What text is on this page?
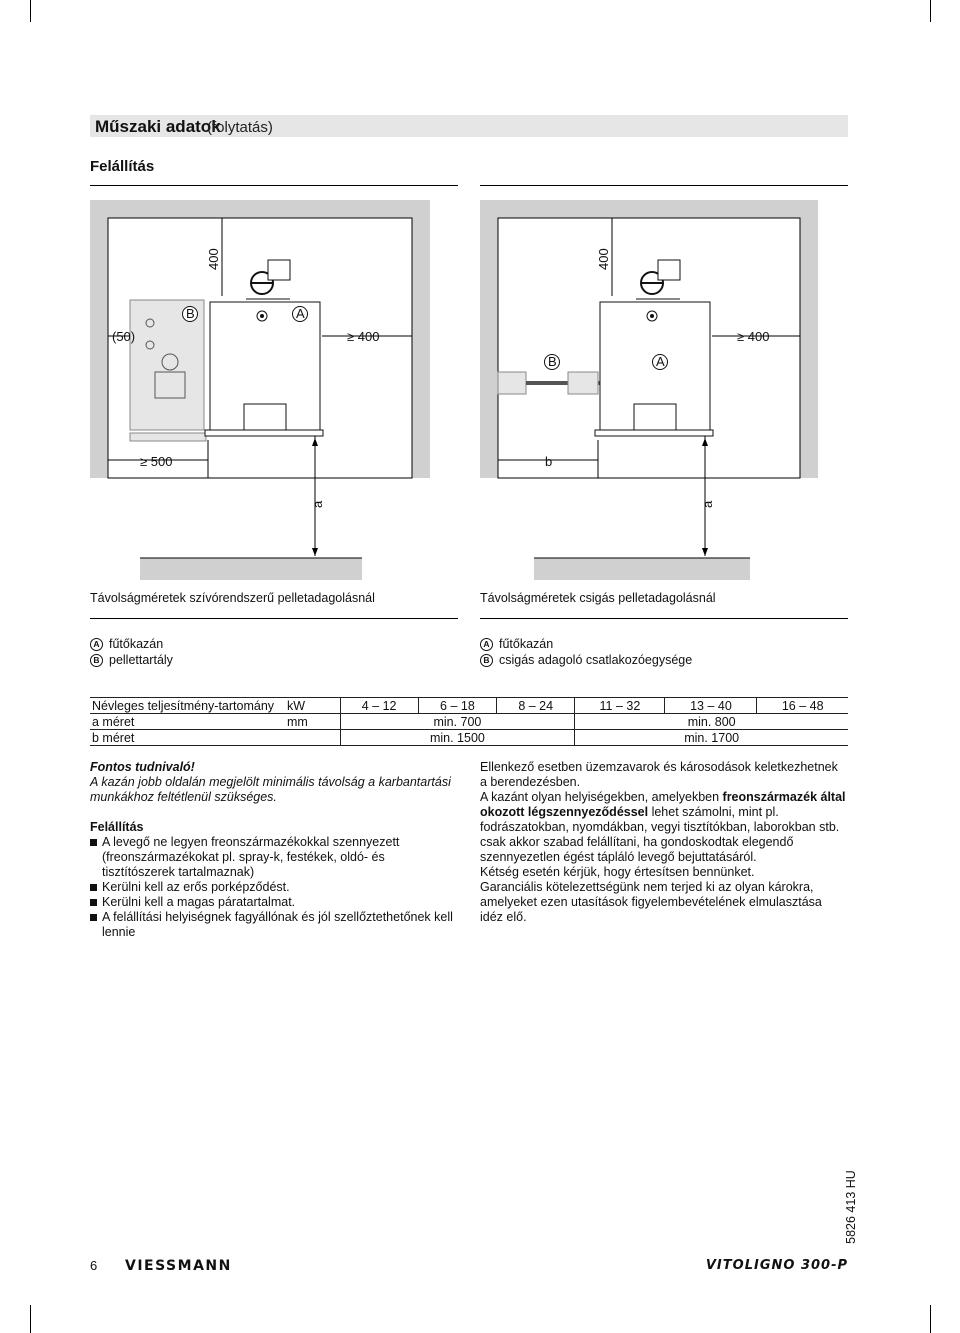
Műszaki adatok
(folytatás)
Felállítás
400
(50)	≥ 400
≥ 500
a
B	A
400
≥ 400
b
a
B	A
Távolságméretek szívórendszerű pelletadagolásnál	Távolságméretek csigás pelletadagolásnál
A fűtőkazán
B pellettartály
A fűtőkazán
B csigás adagoló csatlakozóegysége
Névleges teljesítmény-tartomány	kW	4 – 12	6 – 18	8 – 24	11 – 32	13 – 40	16 – 48
a méret	mm	min. 700			min. 800		
b méret		min. 1500			min. 1700		
Fontos tudnivaló!
A kazán jobb oldalán megjelölt minimális távolság a karbantartási munkákhoz feltétlenül szükséges.
Felállítás
A levegő ne legyen freonszármazékokkal szennyezett (freonszármazékokat pl. spray-k, festékek, oldó- és tisztítószerek tartalmaznak)
Kerülni kell az erős porképződést.
Kerülni kell a magas páratartalmat.
A felállítási helyiségnek fagyállónak és jól szellőztethetőnek kell lennie
Ellenkező esetben üzemzavarok és károsodások keletkezhetnek a berendezésben.
A kazánt olyan helyiségekben, amelyekben freonszármazék által okozott légszennyeződéssel lehet számolni, mint pl. fodrászatokban, nyomdákban, vegyi tisztítókban, laborokban stb. csak akkor szabad felállítani, ha gondoskodtak elegendő szennyezetlen égést tápláló levegő bejuttatásáról.
Kétség esetén kérjük, hogy értesítsen bennünket.
Garanciális kötelezettségünk nem terjed ki az olyan károkra, amelyeket ezen utasítások figyelembevételének elmulasztása idéz elő.
6 VIESSMANN	VITOLIGNO 300-P
5826 413 HU
